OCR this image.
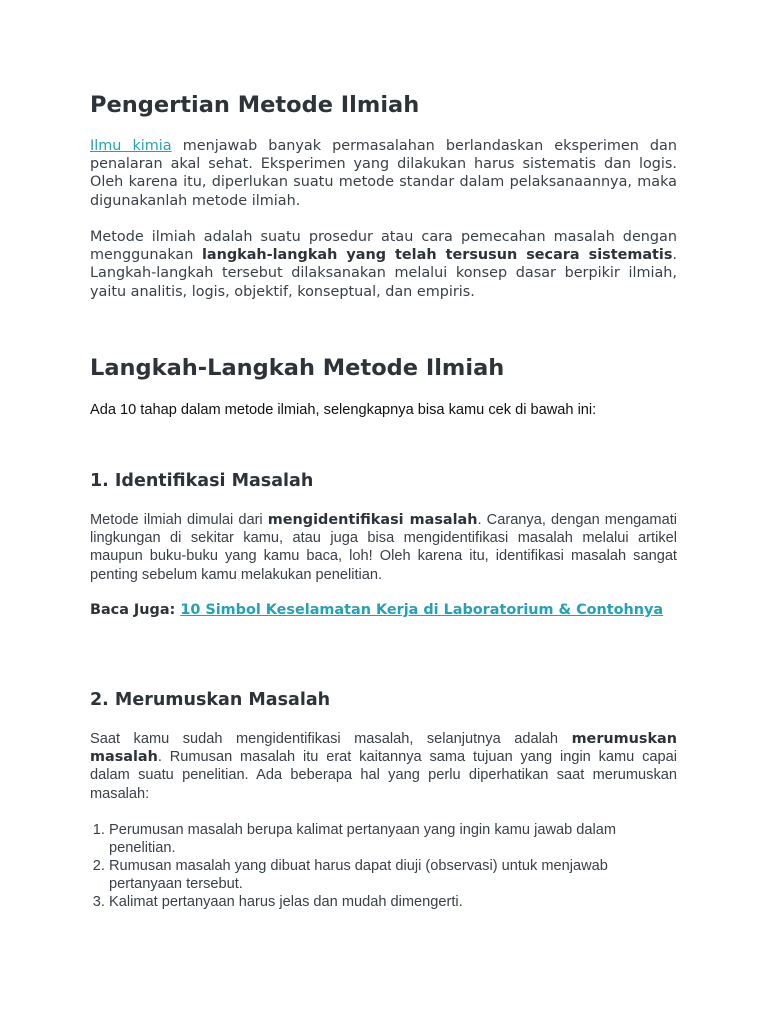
Pengertian Metode Ilmiah

Ilmu kimia menjawab banyak permasalahan berlandaskan eksperimen dan penalaran akal sehat. Eksperimen yang dilakukan harus sistematis dan logis. Oleh karena itu, diperlukan suatu metode standar dalam pelaksanaannya, maka digunakanlah metode ilmiah.

Metode ilmiah adalah suatu prosedur atau cara pemecahan masalah dengan menggunakan langkah-langkah yang telah tersusun secara sistematis. Langkah-langkah tersebut dilaksanakan melalui konsep dasar berpikir ilmiah, yaitu analitis, logis, objektif, konseptual, dan empiris.

Langkah-Langkah Metode Ilmiah

Ada 10 tahap dalam metode ilmiah, selengkapnya bisa kamu cek di bawah ini:

1. Identifikasi Masalah

Metode ilmiah dimulai dari mengidentifikasi masalah. Caranya, dengan mengamati lingkungan di sekitar kamu, atau juga bisa mengidentifikasi masalah melalui artikel maupun buku-buku yang kamu baca, loh! Oleh karena itu, identifikasi masalah sangat penting sebelum kamu melakukan penelitian.

Baca Juga: 10 Simbol Keselamatan Kerja di Laboratorium & Contohnya

2. Merumuskan Masalah

Saat kamu sudah mengidentifikasi masalah, selanjutnya adalah merumuskan masalah. Rumusan masalah itu erat kaitannya sama tujuan yang ingin kamu capai dalam suatu penelitian. Ada beberapa hal yang perlu diperhatikan saat merumuskan masalah:

1. Perumusan masalah berupa kalimat pertanyaan yang ingin kamu jawab dalam penelitian.
2. Rumusan masalah yang dibuat harus dapat diuji (observasi) untuk menjawab pertanyaan tersebut.
3. Kalimat pertanyaan harus jelas dan mudah dimengerti.
